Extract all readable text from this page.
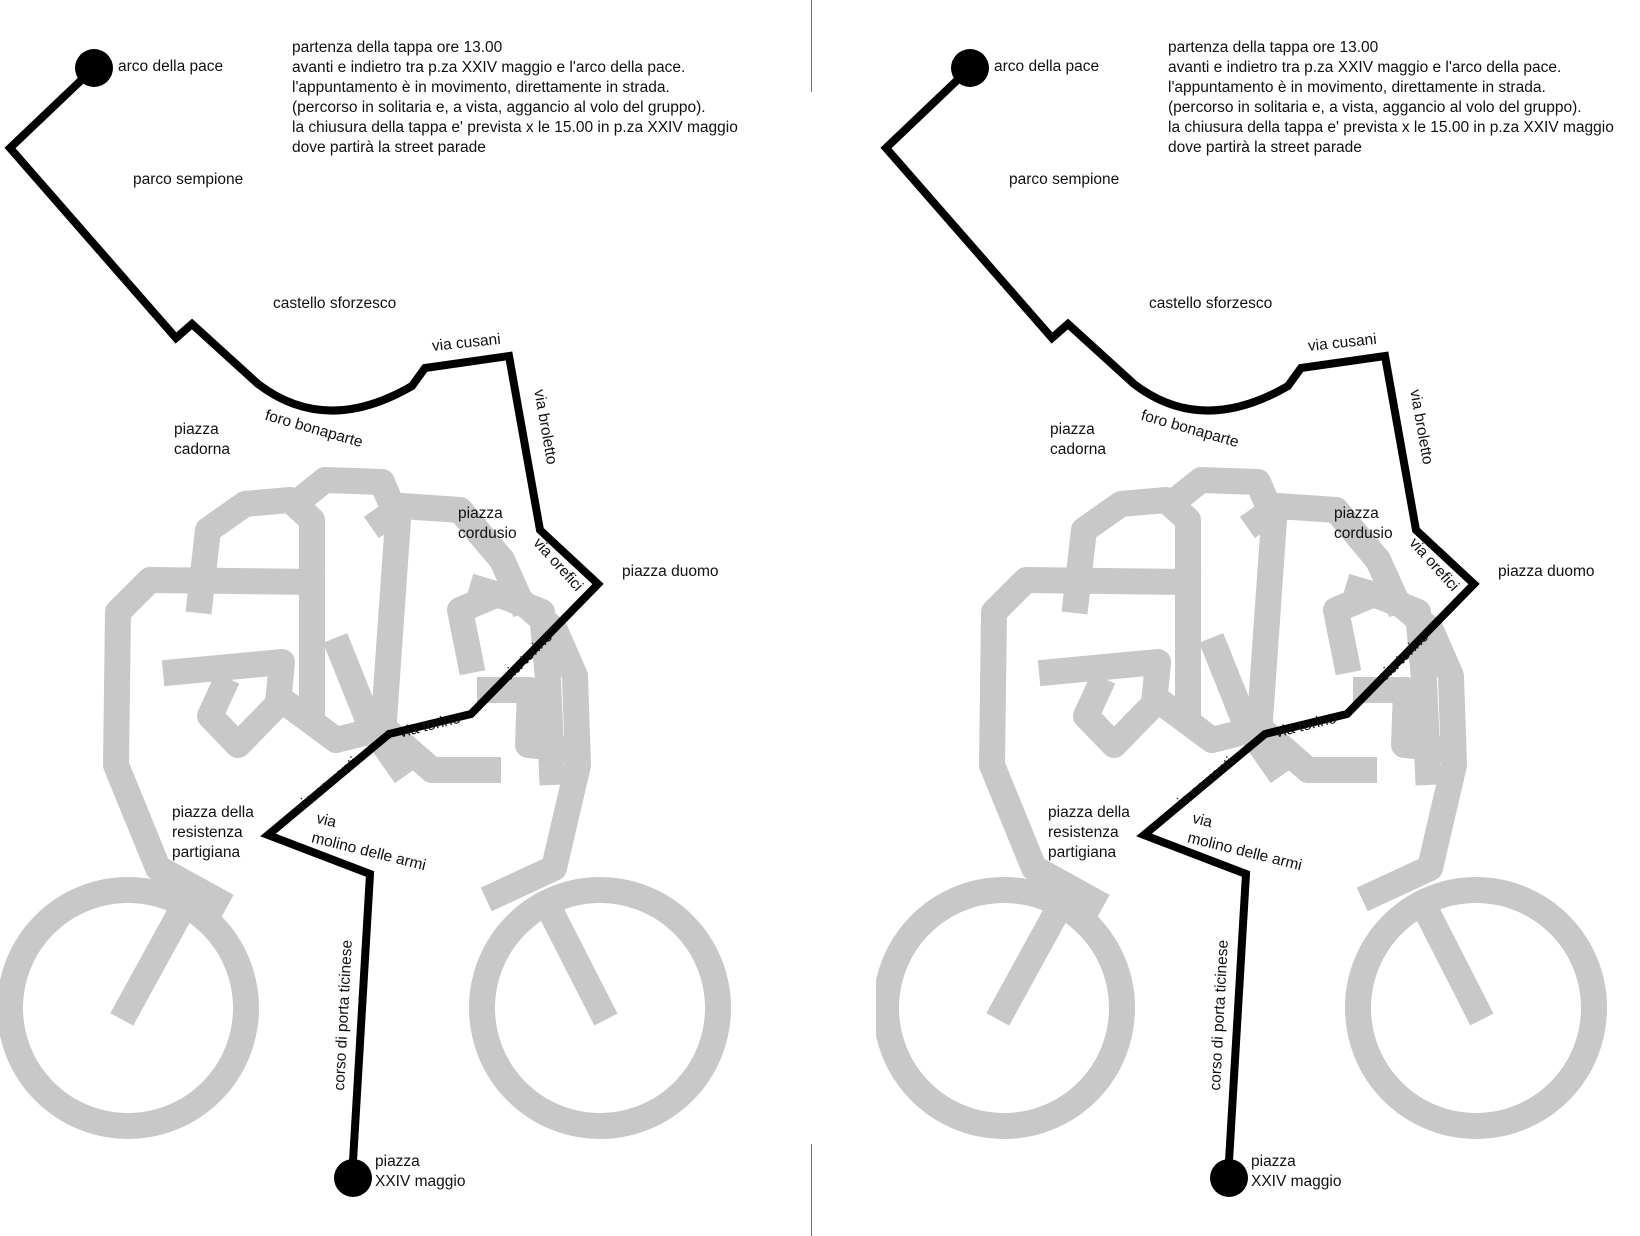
partenza della tappa ore 13.00
avanti e indietro tra p.za XXIV maggio e l'arco della pace.
l'appuntamento è in movimento, direttamente in strada.
(percorso in solitaria e, a vista, aggancio al volo del gruppo).
la chiusura della tappa e' prevista x le 15.00 in p.za XXIV maggio
dove partirà la street parade
arco della pace
parco sempione
castello sforzesco
piazza
cadorna
piazza
cordusio
piazza duomo
piazza della
resistenza
partigiana
piazza
XXIV maggio
via cusani
foro bonaparte	via broletto
via orefici
via torino
via torino
via correnti
via
molino delle armi
corso di porta ticinese
partenza della tappa ore 13.00
avanti e indietro tra p.za XXIV maggio e l'arco della pace.
l'appuntamento è in movimento, direttamente in strada.
(percorso in solitaria e, a vista, aggancio al volo del gruppo).
la chiusura della tappa e' prevista x le 15.00 in p.za XXIV maggio
dove partirà la street parade
arco della pace
parco sempione
castello sforzesco
piazza
cadorna
piazza
cordusio
piazza duomo
piazza della
resistenza
partigiana
piazza
XXIV maggio
via cusani
foro bonaparte	via broletto
via orefici
via torino
via torino
via correnti
via
molino delle armi
corso di porta ticinese
